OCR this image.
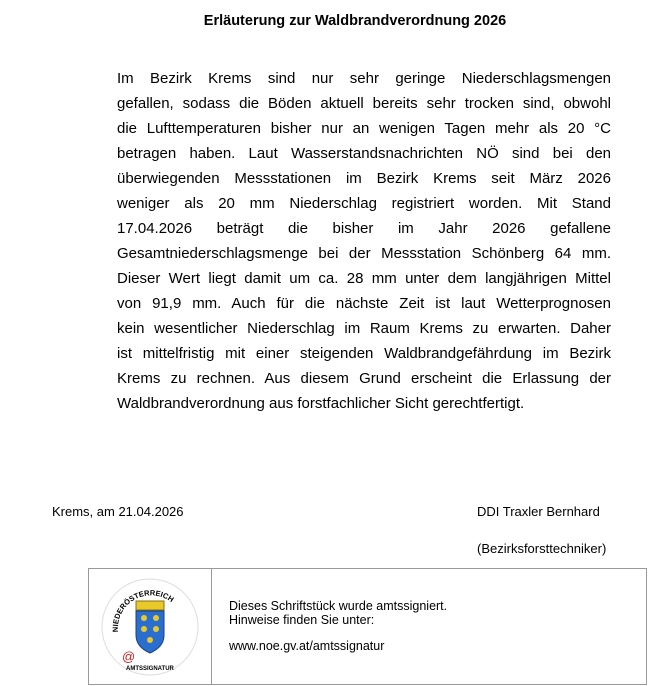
Erläuterung zur Waldbrandverordnung 2026
Im Bezirk Krems sind nur sehr geringe Niederschlagsmengen
gefallen, sodass die Böden aktuell bereits sehr trocken sind, obwohl
die Lufttemperaturen bisher nur an wenigen Tagen mehr als 20 °C
betragen haben. Laut Wasserstandsnachrichten NÖ sind bei den
überwiegenden Messstationen im Bezirk Krems seit März 2026
weniger als 20 mm Niederschlag registriert worden. Mit Stand
17.04.2026 beträgt die bisher im Jahr 2026 gefallene
Gesamtniederschlagsmenge bei der Messstation Schönberg 64 mm.
Dieser Wert liegt damit um ca. 28 mm unter dem langjährigen Mittel
von 91,9 mm. Auch für die nächste Zeit ist laut Wetterprognosen
kein wesentlicher Niederschlag im Raum Krems zu erwarten. Daher
ist mittelfristig mit einer steigenden Waldbrandgefährdung im Bezirk
Krems zu rechnen. Aus diesem Grund erscheint die Erlassung der
Waldbrandverordnung aus forstfachlicher Sicht gerechtfertigt.
Krems, am 21.04.2026	DDI Traxler Bernhard
(Bezirksforsttechniker)
NIEDERÖSTERREICH
@
AMTSSIGNATUR
Dieses Schriftstück wurde amtssigniert.
Hinweise finden Sie unter:
www.noe.gv.at/amtssignatur
